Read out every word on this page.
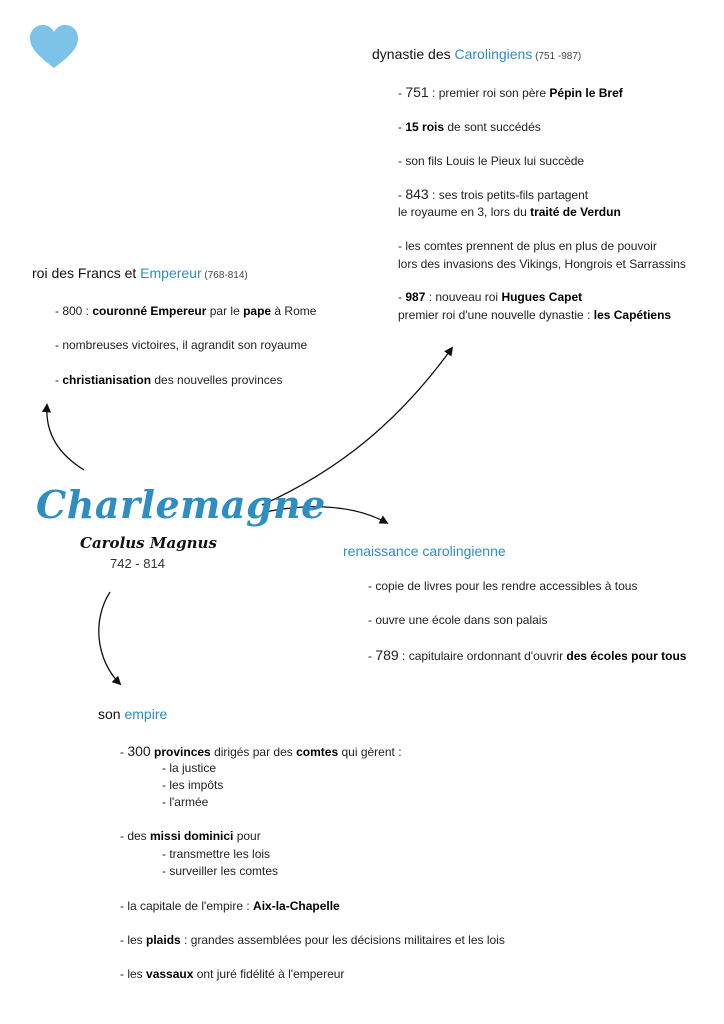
Charlemagne
Carolus Magnus
742 - 814
roi des Francs et Empereur (768-814)
- 800 : couronné Empereur par le pape à Rome
- nombreuses victoires, il agrandit son royaume
- christianisation des nouvelles provinces
dynastie des Carolingiens (751 -987)
- 751 : premier roi son père Pépin le Bref
- 15 rois de sont succédés
- son fils Louis le Pieux lui succède
- 843 : ses trois petits-fils partagent
le royaume en 3, lors du traité de Verdun
- les comtes prennent de plus en plus de pouvoir
lors des invasions des Vikings, Hongrois et Sarrassins
- 987 : nouveau roi Hugues Capet
premier roi d'une nouvelle dynastie : les Capétiens
renaissance carolingienne
- copie de livres pour les rendre accessibles à tous
- ouvre une école dans son palais
- 789 : capitulaire ordonnant d'ouvrir des écoles pour tous
son empire
- 300 provinces dirigés par des comtes qui gèrent :
- la justice
- les impôts
- l'armée
- des missi dominici pour
- transmettre les lois
- surveiller les comtes
- la capitale de l'empire : Aix-la-Chapelle
- les plaids : grandes assemblées pour les décisions militaires et les lois
- les vassaux ont juré fidélité à l'empereur
